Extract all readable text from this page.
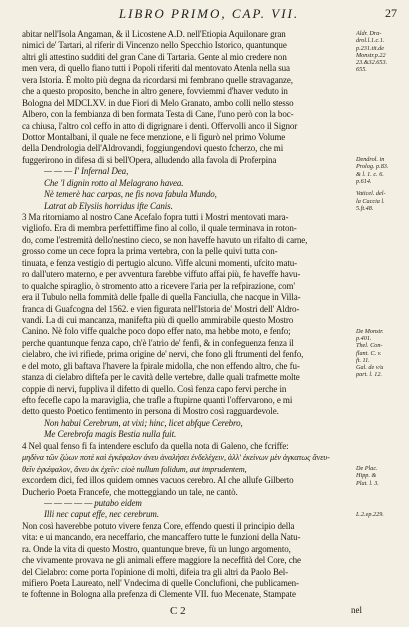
LIBRO PRIMO, CAP. VII.	27
abitar nell'Isola Angaman, & il Licostene A.D. nell'Etiopia Aquilonare gran
nimici de' Tartari, al riferir di Vincenzo nello Specchio Istorico, quantunque
altri gli attestino sudditi del gran Cane di Tartaria. Gente al mio credere non
men vera, di quello fiano tutti i Popoli riferiti dal mentovato Atenla nella sua
vera Istoria. È molto più degna da ricordarsi mi fembrano quelle stravaganze,
che a questo proposito, benche in altro genere, fovviemmi d'haver veduto in
Bologna del MDCLXV. in due Fiori di Melo Granato, ambo colli nello stesso
Albero, con la fembianza di ben formata Testa di Cane, l'uno però con la boc-
ca chiusa, l'altro col ceffo in atto di digrignare i denti. Offervolli anco il Signor
Dottor Montalbani, il quale ne fece menzione, e li figurò nel primo Volume
della Dendrologia dell'Aldrovandi, foggiungendovi questo fcherzo, che mi
fuggerirono in difesa di si bell'Opera, alludendo alla favola di Proferpina
— — — I' Infernal Dea,
Che 'l dignin rotto al Melagrano havea.
Nè temerè hac carpas, ne fis nova fabula Mundo,
Latrat ab Elysiis horridus ifte Canis.
3 Ma ritorniamo al nostro Cane Acefalo fopra tutti i Mostri mentovati mara-
vigliofo. Era di membra perfettiffime fino al collo, il quale terminava in roton-
do, come l'estremità dello'nestino cieco, se non haveffe havuto un rifalto di carne,
grosso come un cece fopra la prima vertebra, con la pelle quivi tutta con-
tinuata, e fenza vestigio di pertugio alcuno. Viffe alcuni momenti, ufcito matu-
ro dall'utero materno, e per avventura farebbe viffuto affai più, fe haveffe havu-
to qualche spiraglio, ò stromento atto a ricevere l'aria per la refpirazione, com'
era il Tubulo nella fommità delle fpalle di quella Fanciulla, che nacque in Villa-
franca di Guafcogna del 1562. e vien figurata nell'Istoria de' Mostri dell' Aldro-
vandi. La di cui mancanza, manifefta più di quello ammirabile questo Mostro
Canino. Nè folo viffe qualche poco dopo effer nato, ma hebbe moto, e fenfo;
perche quantunque fenza capo, ch'è l'atrio de' fenfi, & in confeguenza fenza il
cielabro, che ivi rifiede, prima origine de' nervi, che fono gli ftrumenti del fenfo,
e del moto, gli baftava l'havere la fpirale midolla, che non effendo altro, che fu-
stanza di cielabro diftefa per le cavità delle vertebre, dalle quali trafmette molte
coppie di nervi, fuppliva il difetto di quello. Così fenza capo fervi perche in
efto fecefle capo la maraviglia, che trafle a ftupirne quanti l'offervarono, e mi
detto questo Poetico fentimento in persona di Mostro così ragguardevole.
Non habui Cerebrum, at vixi; hinc, licet abfque Cerebro,
Me Cerebrofa magis Bestia nulla fuit.
4 Nel qual fenso fi fa intendere esclufo da quella nota di Galeno, che fcriffe:
μηδίνα τῶν ζώων ποτὲ καὶ ἐγκέφαλον ἀνευ ἀναλήσει ἐνδελέχειν, ἀλλ' ἐκείνων μὲν ἀγκατως ἄνευ-
θεῖν ἐγκέφαλον, ἄνευ ἀκ ἐχεῖν: cioè nullum folidum, aut imprudentem,
excordem dici, fed illos quidem omnes vacuos cerebro. Al che allufe Gilberto
Ducherio Poeta Francefe, che motteggiando un tale, ne cantò.
— — — — — putabo eidem
Illi nec caput effe, nec cerebrum.
Non così haverebbe potuto vivere fenza Core, effendo questi il principio della
vita: e ui mancando, era neceffario, che mancaffero tutte le funzioni della Natu-
ra. Onde la vita di questo Mostro, quantunque breve, fù un lungo argomento,
che vivamente provava ne gli animali effere maggiore la neceffità del Core, che
del Cielabro: come porta l'opinione di molti, difeia tra gli altri da Paolo Bel-
mifiero Poeta Laureato, nell' Vndecima di quelle Conclufioni, che publicamen-
te foftenne in Bologna alla prefenza di Clemente VII. fuo Mecenate, Stampate
Aldr. Dra-
drol.l.1.c.1.
p.231.tit.de
Monstr.p.22
23.&32.653.
655.
Dendrol. in
Prolog. p.83.
& l. 1. c. 6.
p.614.
Vaticel. del-
la Caccia l.
5.ft.48.
De Monstr.
p.401.
Thel. Con-
flant. C. v.
ft. 11.
Gal. de v/u
part. l. 12.
De Plac.
Hipp. &
Plat. l. 3.
L.2.ep.229.
C 2	nel
